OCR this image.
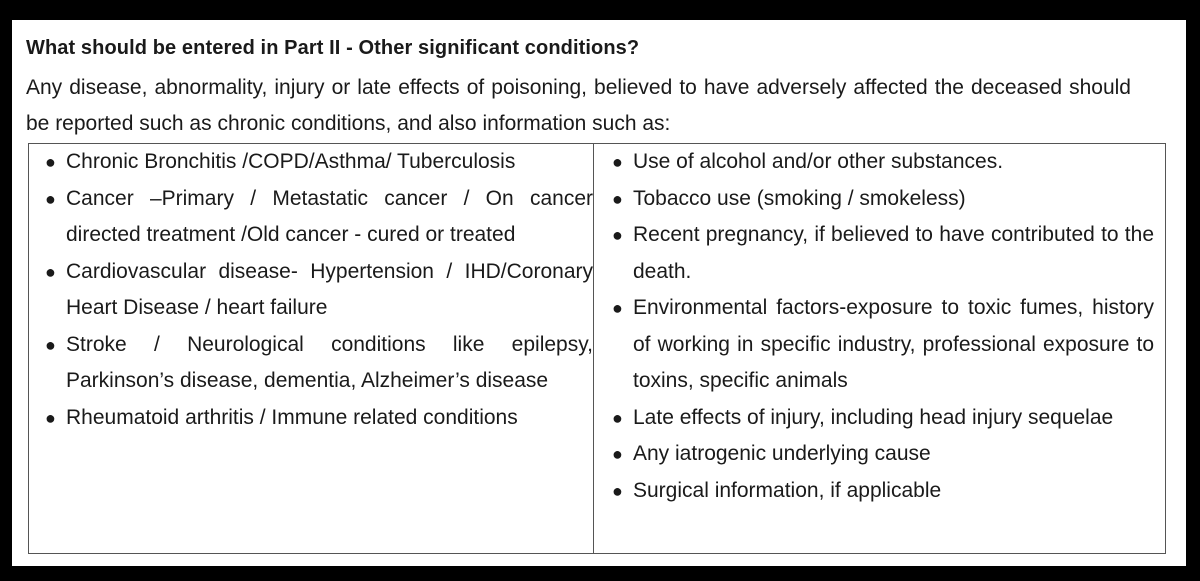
What should be entered in Part II - Other significant conditions?
Any disease, abnormality, injury or late effects of poisoning, believed to have adversely affected the deceased should be reported such as chronic conditions, and also information such as:
● Chronic Bronchitis /COPD/Asthma/ Tuberculosis
● Cancer –Primary / Metastatic cancer / On cancer directed treatment /Old cancer - cured or treated
● Cardiovascular disease- Hypertension / IHD/Coronary Heart Disease / heart failure
● Stroke / Neurological conditions like epilepsy, Parkinson’s disease, dementia, Alzheimer’s disease
● Rheumatoid arthritis / Immune related conditions
● Use of alcohol and/or other substances.
● Tobacco use (smoking / smokeless)
● Recent pregnancy, if believed to have contributed to the death.
● Environmental factors-exposure to toxic fumes, history of working in specific industry, professional exposure to toxins, specific animals
● Late effects of injury, including head injury sequelae
● Any iatrogenic underlying cause
● Surgical information, if applicable
